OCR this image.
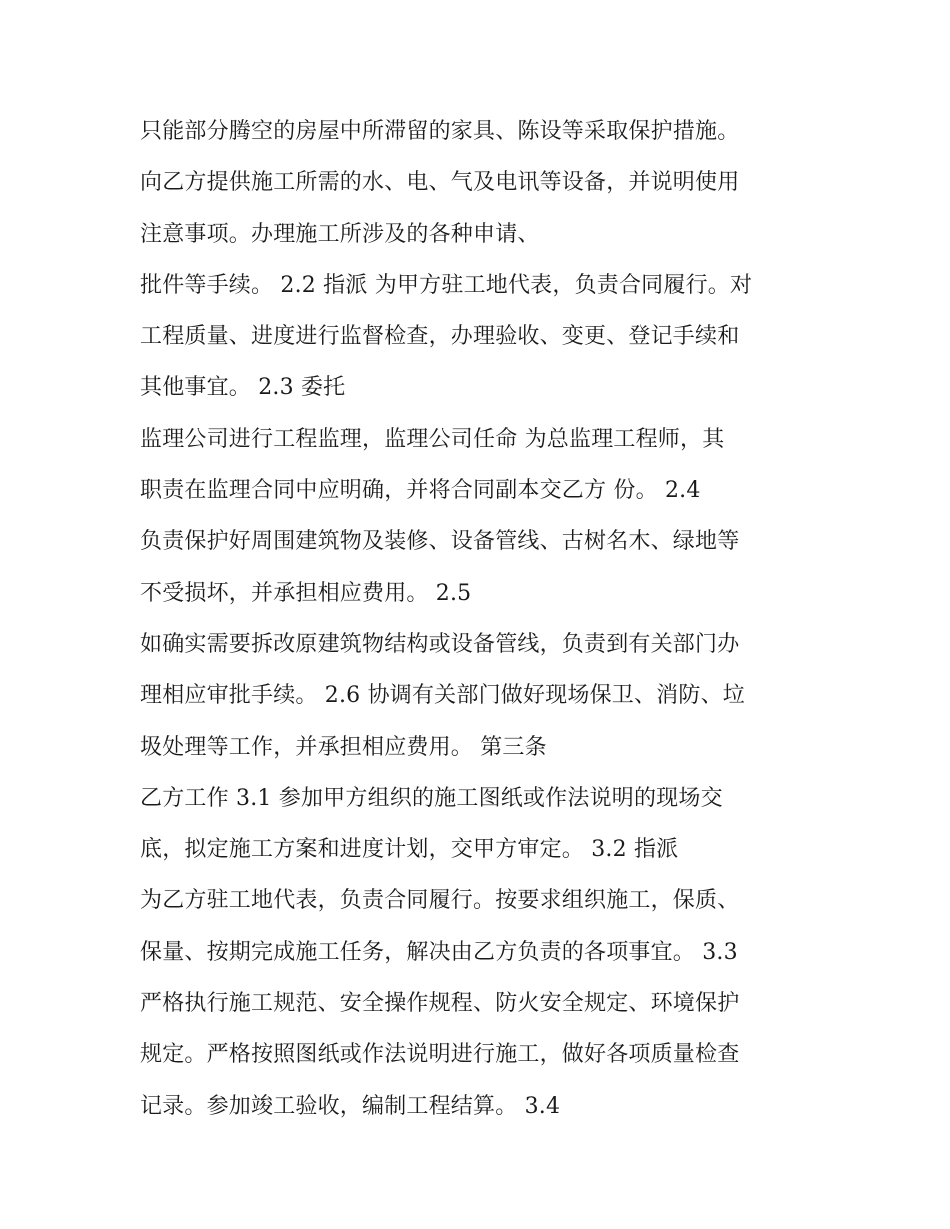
只能部分腾空的房屋中所滞留的家具、陈设等采取保护措施。
向乙方提供施工所需的水、电、气及电讯等设备，并说明使用
注意事项。办理施工所涉及的各种申请、
批件等手续。 2.2 指派 为甲方驻工地代表，负责合同履行。对
工程质量、进度进行监督检查，办理验收、变更、登记手续和
其他事宜。 2.3 委托
监理公司进行工程监理，监理公司任命 为总监理工程师，其
职责在监理合同中应明确，并将合同副本交乙方 份。 2.4
负责保护好周围建筑物及装修、设备管线、古树名木、绿地等
不受损坏，并承担相应费用。 2.5
如确实需要拆改原建筑物结构或设备管线，负责到有关部门办
理相应审批手续。 2.6 协调有关部门做好现场保卫、消防、垃
圾处理等工作，并承担相应费用。 第三条
乙方工作 3.1 参加甲方组织的施工图纸或作法说明的现场交
底，拟定施工方案和进度计划，交甲方审定。 3.2 指派
为乙方驻工地代表，负责合同履行。按要求组织施工，保质、
保量、按期完成施工任务，解决由乙方负责的各项事宜。 3.3
严格执行施工规范、安全操作规程、防火安全规定、环境保护
规定。严格按照图纸或作法说明进行施工，做好各项质量检查
记录。参加竣工验收，编制工程结算。 3.4
